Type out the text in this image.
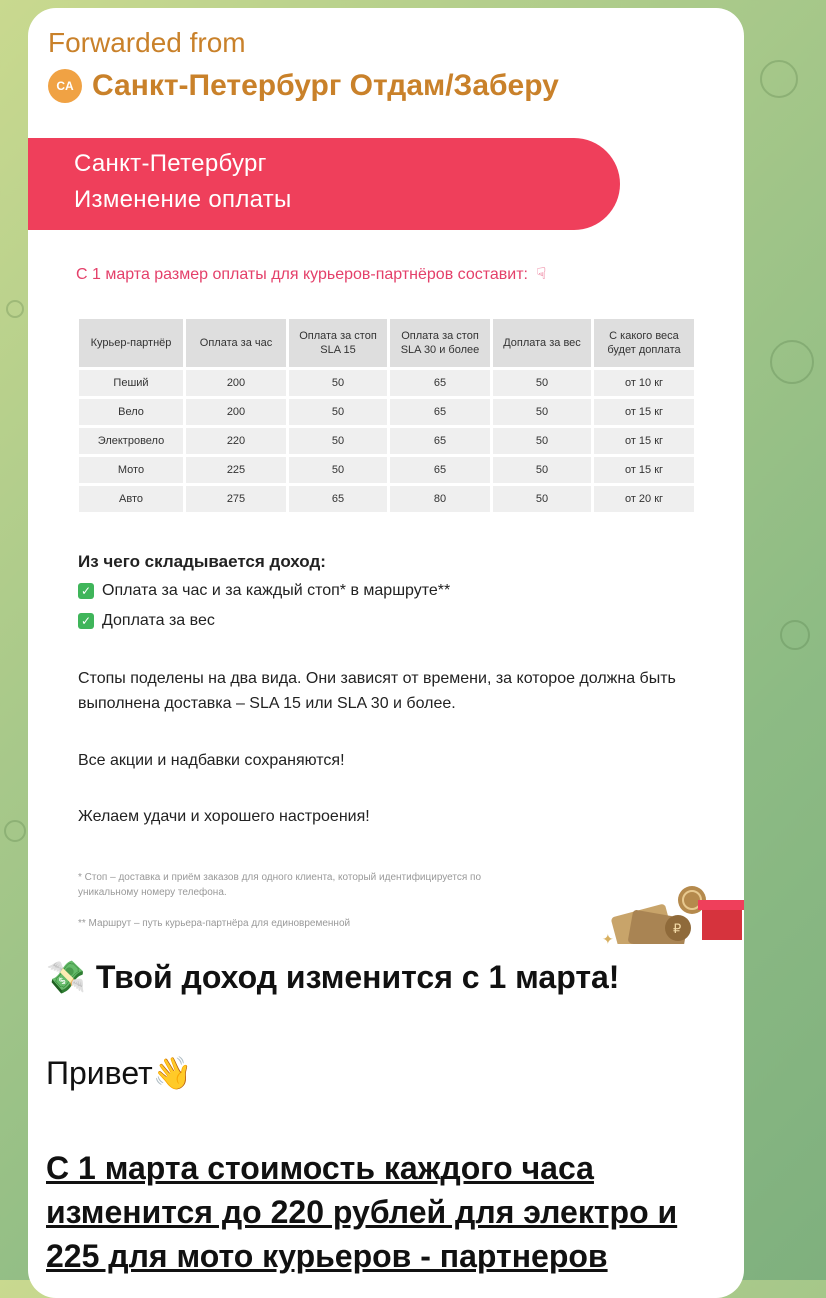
Forwarded from
CA Санкт-Петербург Отдам/Заберу
Санкт-Петербург
Изменение оплаты
С 1 марта размер оплаты для курьеров-партнёров составит: ☟
Курьер-партнёр	Оплата за час	Оплата за стоп SLA 15	Оплата за стоп SLA 30 и более	Доплата за вес	С какого веса будет доплата
Пеший	200	50	65	50	от 10 кг
Вело	200	50	65	50	от 15 кг
Электровело	220	50	65	50	от 15 кг
Мото	225	50	65	50	от 15 кг
Авто	275	65	80	50	от 20 кг
Из чего складывается доход:
✓ Оплата за час и за каждый стоп* в маршруте**
✓ Доплата за вес
Стопы поделены на два вида. Они зависят от времени, за которое должна быть выполнена доставка – SLA 15 или SLA 30 и более.
Все акции и надбавки сохраняются!
Желаем удачи и хорошего настроения!
* Стоп – доставка и приём заказов для одного клиента, который идентифицируется по уникальному номеру телефона.
** Маршрут – путь курьера-партнёра для единовременной	₽
✦
💸 Твой доход изменится с 1 марта!
Привет 👋
С 1 марта стоимость каждого часа изменится до 220 рублей для электро и 225 для мото курьеров - партнеров
